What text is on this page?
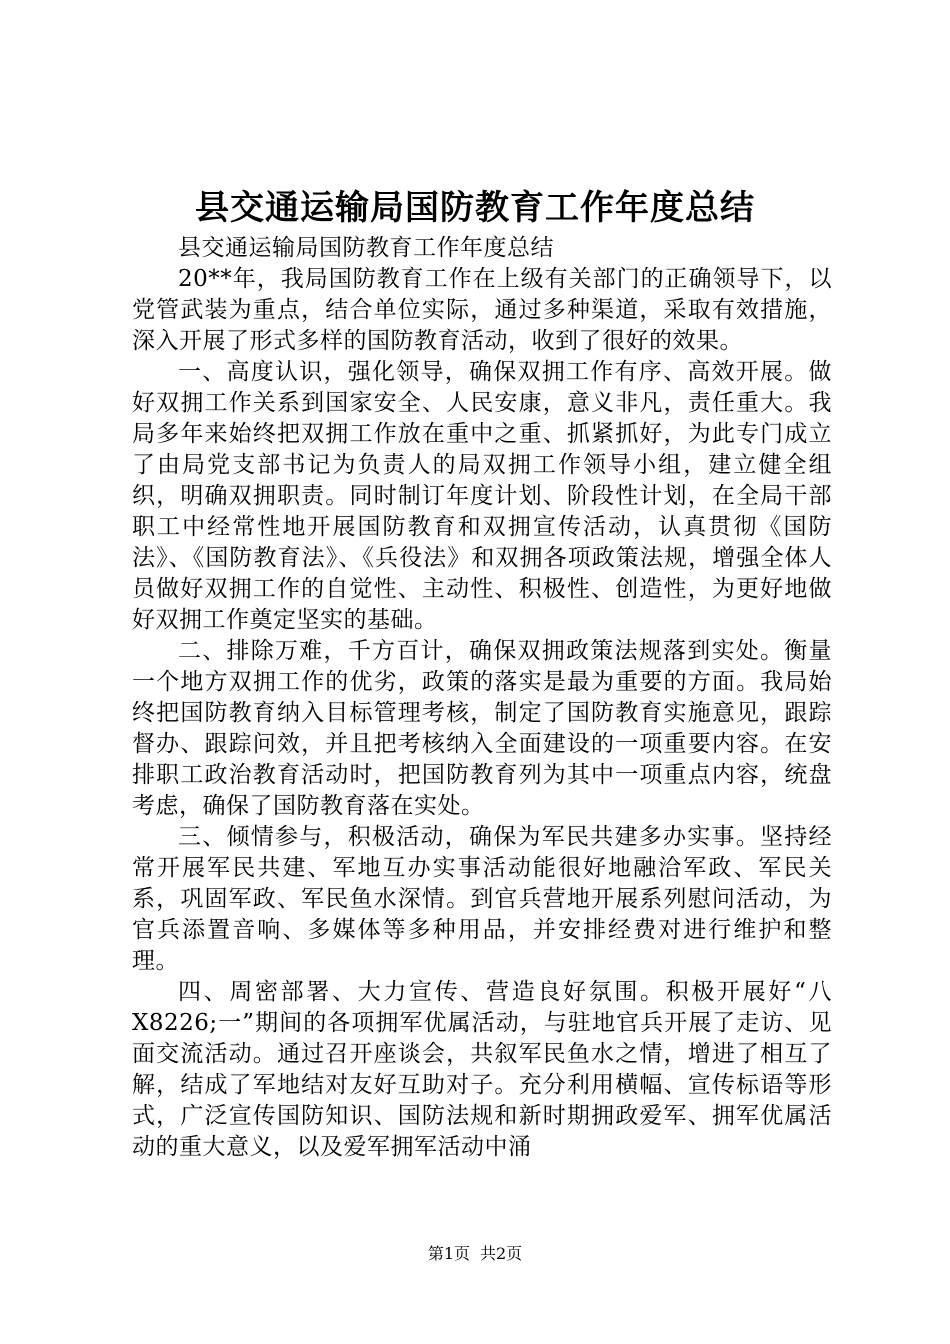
县交通运输局国防教育工作年度总结

县交通运输局国防教育工作年度总结

20**年，我局国防教育工作在上级有关部门的正确领导下，以党管武装为重点，结合单位实际，通过多种渠道，采取有效措施，深入开展了形式多样的国防教育活动，收到了很好的效果。

一、高度认识，强化领导，确保双拥工作有序、高效开展。做好双拥工作关系到国家安全、人民安康，意义非凡，责任重大。我局多年来始终把双拥工作放在重中之重、抓紧抓好，为此专门成立了由局党支部书记为负责人的局双拥工作领导小组，建立健全组织，明确双拥职责。同时制订年度计划、阶段性计划，在全局干部职工中经常性地开展国防教育和双拥宣传活动，认真贯彻《国防法》、《国防教育法》、《兵役法》和双拥各项政策法规，增强全体人员做好双拥工作的自觉性、主动性、积极性、创造性，为更好地做好双拥工作奠定坚实的基础。

二、排除万难，千方百计，确保双拥政策法规落到实处。衡量一个地方双拥工作的优劣，政策的落实是最为重要的方面。我局始终把国防教育纳入目标管理考核，制定了国防教育实施意见，跟踪督办、跟踪问效，并且把考核纳入全面建设的一项重要内容。在安排职工政治教育活动时，把国防教育列为其中一项重点内容，统盘考虑，确保了国防教育落在实处。

三、倾情参与，积极活动，确保为军民共建多办实事。坚持经常开展军民共建、军地互办实事活动能很好地融洽军政、军民关系，巩固军政、军民鱼水深情。到官兵营地开展系列慰问活动，为官兵添置音响、多媒体等多种用品，并安排经费对进行维护和整理。

四、周密部署、大力宣传、营造良好氛围。积极开展好“八X8226;一”期间的各项拥军优属活动，与驻地官兵开展了走访、见面交流活动。通过召开座谈会，共叙军民鱼水之情，增进了相互了解，结成了军地结对友好互助对子。充分利用横幅、宣传标语等形式，广泛宣传国防知识、国防法规和新时期拥政爱军、拥军优属活动的重大意义，以及爱军拥军活动中涌

第1页 共2页
